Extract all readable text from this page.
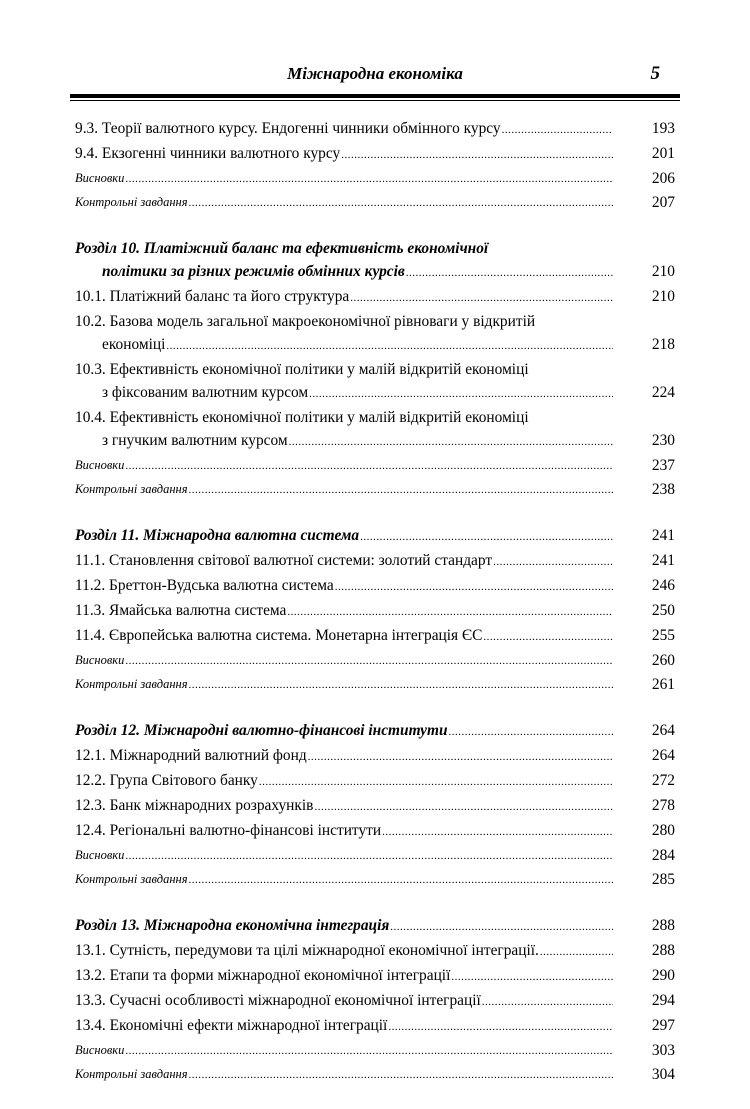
Міжнародна економіка	5
9.3. Теорії валютного курсу. Ендогенні чинники обмінного курсу .....	193
9.4. Екзогенні чинники валютного курсу .....	201
Висновки .....	206
Контрольні завдання .....	207
Розділ 10. Платіжний баланс та ефективність економічної
політики за різних режимів обмінних курсів .....	210
10.1. Платіжний баланс та його структура .....	210
10.2. Базова модель загальної макроекономічної рівноваги у відкритій
економіці .....	218
10.3. Ефективність економічної політики у малій відкритій економіці
з фіксованим валютним курсом .....	224
10.4. Ефективність економічної політики у малій відкритій економіці
з гнучким валютним курсом .....	230
Висновки .....	237
Контрольні завдання .....	238
Розділ 11. Міжнародна валютна система .....	241
11.1. Становлення світової валютної системи: золотий стандарт .....	241
11.2. Бреттон-Вудська валютна система .....	246
11.3. Ямайська валютна система .....	250
11.4. Європейська валютна система. Монетарна інтеграція ЄС .....	255
Висновки .....	260
Контрольні завдання .....	261
Розділ 12. Міжнародні валютно-фінансові інститути .....	264
12.1. Міжнародний валютний фонд .....	264
12.2. Група Світового банку .....	272
12.3. Банк міжнародних розрахунків .....	278
12.4. Регіональні валютно-фінансові інститути .....	280
Висновки .....	284
Контрольні завдання .....	285
Розділ 13. Міжнародна економічна інтеграція .....	288
13.1. Сутність, передумови та цілі міжнародної економічної інтеграції. .....	288
13.2. Етапи та форми міжнародної економічної інтеграції .....	290
13.3. Сучасні особливості міжнародної економічної інтеграції .....	294
13.4. Економічні ефекти міжнародної інтеграції .....	297
Висновки .....	303
Контрольні завдання .....	304
